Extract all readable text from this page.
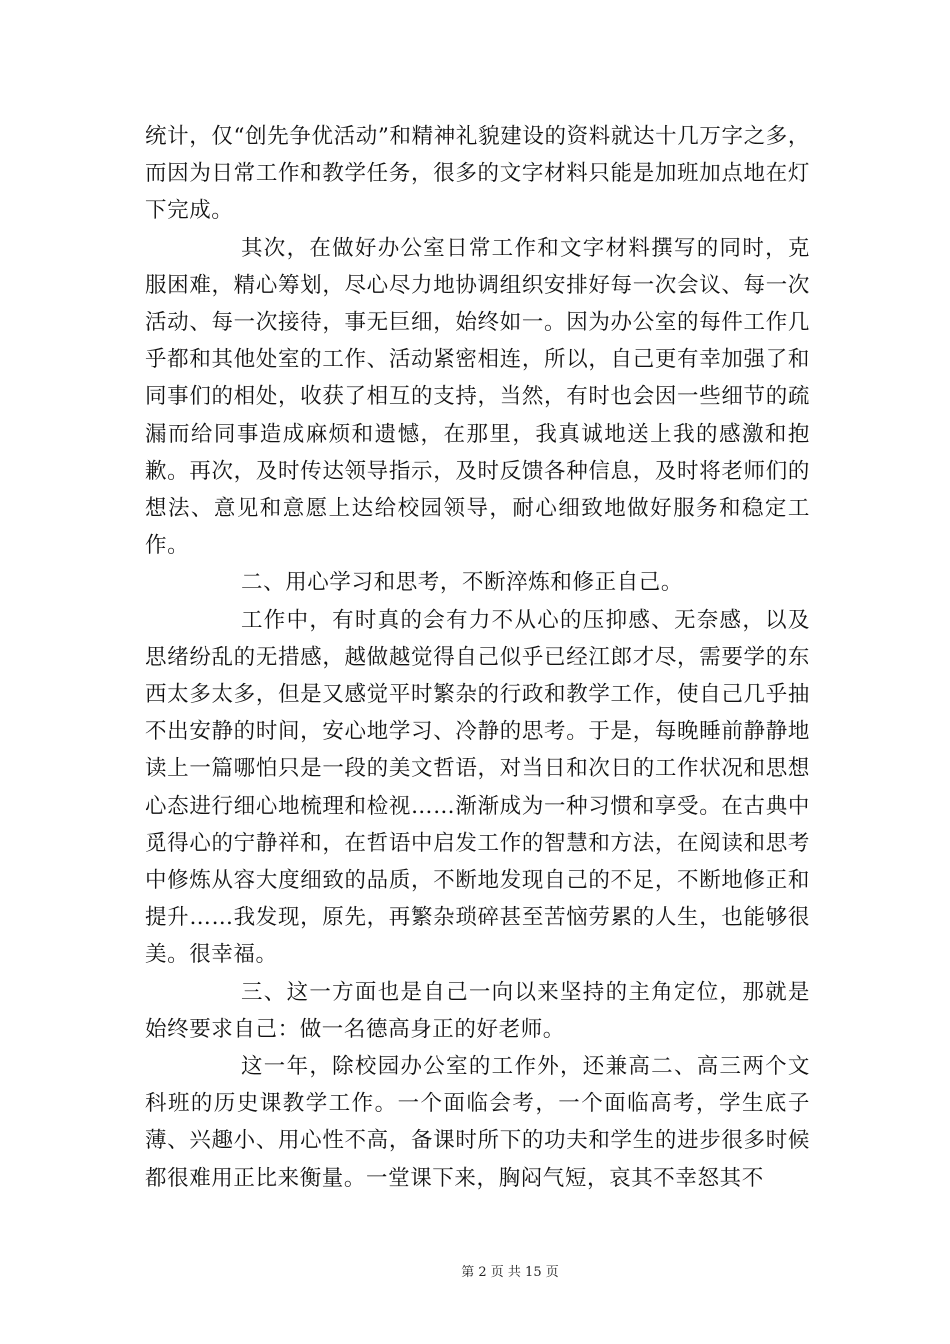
统计，仅“创先争优活动”和精神礼貌建设的资料就达十几万字之多，而因为日常工作和教学任务，很多的文字材料只能是加班加点地在灯下完成。

其次，在做好办公室日常工作和文字材料撰写的同时，克服困难，精心筹划，尽心尽力地协调组织安排好每一次会议、每一次活动、每一次接待，事无巨细，始终如一。因为办公室的每件工作几乎都和其他处室的工作、活动紧密相连，所以，自己更有幸加强了和同事们的相处，收获了相互的支持，当然，有时也会因一些细节的疏漏而给同事造成麻烦和遗憾，在那里，我真诚地送上我的感激和抱歉。再次，及时传达领导指示，及时反馈各种信息，及时将老师们的想法、意见和意愿上达给校园领导，耐心细致地做好服务和稳定工作。

二、用心学习和思考，不断淬炼和修正自己。

工作中，有时真的会有力不从心的压抑感、无奈感，以及思绪纷乱的无措感，越做越觉得自己似乎已经江郎才尽，需要学的东西太多太多，但是又感觉平时繁杂的行政和教学工作，使自己几乎抽不出安静的时间，安心地学习、冷静的思考。于是，每晚睡前静静地读上一篇哪怕只是一段的美文哲语，对当日和次日的工作状况和思想心态进行细心地梳理和检视……渐渐成为一种习惯和享受。在古典中觅得心的宁静祥和，在哲语中启发工作的智慧和方法，在阅读和思考中修炼从容大度细致的品质，不断地发现自己的不足，不断地修正和提升……我发现，原先，再繁杂琐碎甚至苦恼劳累的人生，也能够很美。很幸福。

三、这一方面也是自己一向以来坚持的主角定位，那就是始终要求自己：做一名德高身正的好老师。

这一年，除校园办公室的工作外，还兼高二、高三两个文科班的历史课教学工作。一个面临会考，一个面临高考，学生底子薄、兴趣小、用心性不高，备课时所下的功夫和学生的进步很多时候都很难用正比来衡量。一堂课下来，胸闷气短，哀其不幸怒其不

第 2 页 共 15 页
